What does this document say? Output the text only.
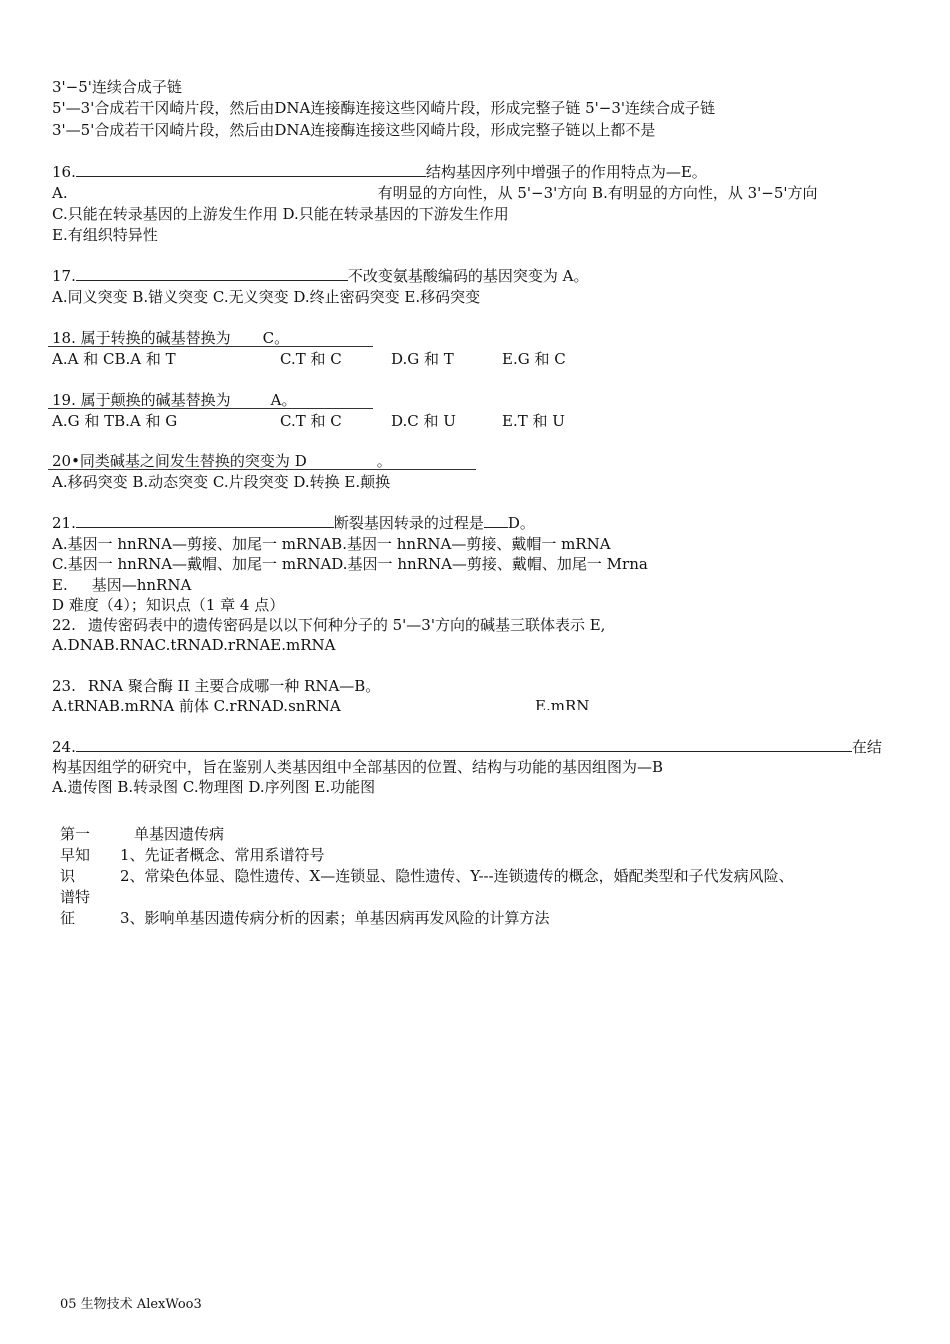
3'−5'连续合成子链
5'—3'合成若干冈崎片段，然后由DNA连接酶连接这些冈崎片段，形成完整子链 5'−3'连续合成子链
3'—5'合成若干冈崎片段，然后由DNA连接酶连接这些冈崎片段，形成完整子链以上都不是
16.	结构基因序列中增强子的作用特点为—E。
A.	有明显的方向性，从 5'−3'方向 B.有明显的方向性，从 3'−5'方向
C.只能在转录基因的上游发生作用 D.只能在转录基因的下游发生作用
E.有组织特异性
17.	不改变氨基酸编码的基因突变为 A。
A.同义突变 B.错义突变 C.无义突变 D.终止密码突变 E.移码突变
18. 属于转换的碱基替换为 C。
A.A 和 CB.A 和 T	C.T 和 C	D.G 和 T	E.G 和 C
19. 属于颠换的碱基替换为	A。
A.G 和 TB.A 和 G	C.T 和 C	D.C 和 U	E.T 和 U
20•同类碱基之间发生替换的突变为 D	。
A.移码突变 B.动态突变 C.片段突变 D.转换 E.颠换
21.	断裂基因转录的过程是 D。
A.基因一 hnRNA—剪接、加尾一 mRNAB.基因一 hnRNA—剪接、戴帽一 mRNA
C.基因一 hnRNA—戴帽、加尾一 mRNAD.基因一 hnRNA—剪接、戴帽、加尾一 Mrna
E. 基因—hnRNA
D 难度（4）；知识点（1 章 4 点）
22. 遗传密码表中的遗传密码是以以下何种分子的 5'—3'方向的碱基三联体表示 E,
A.DNAB.RNAC.tRNAD.rRNAE.mRNA
23. RNA 聚合酶 II 主要合成哪一种 RNA—B。
A.tRNAB.mRNA 前体 C.rRNAD.snRNA	E.mRN
24.	在结
构基因组学的研究中，旨在鉴别人类基因组中全部基因的位置、结构与功能的基因组图为—B
A.遗传图 B.转录图 C.物理图 D.序列图 E.功能图
第一	单基因遗传病
早知 1、先证者概念、常用系谱符号
识	2、常染色体显、隐性遗传、X—连锁显、隐性遗传、Y---连锁遗传的概念，婚配类型和子代发病风险、
谱特
征	3、影响单基因遗传病分析的因素；单基因病再发风险的计算方法
05 生物技术 AlexWoo3
